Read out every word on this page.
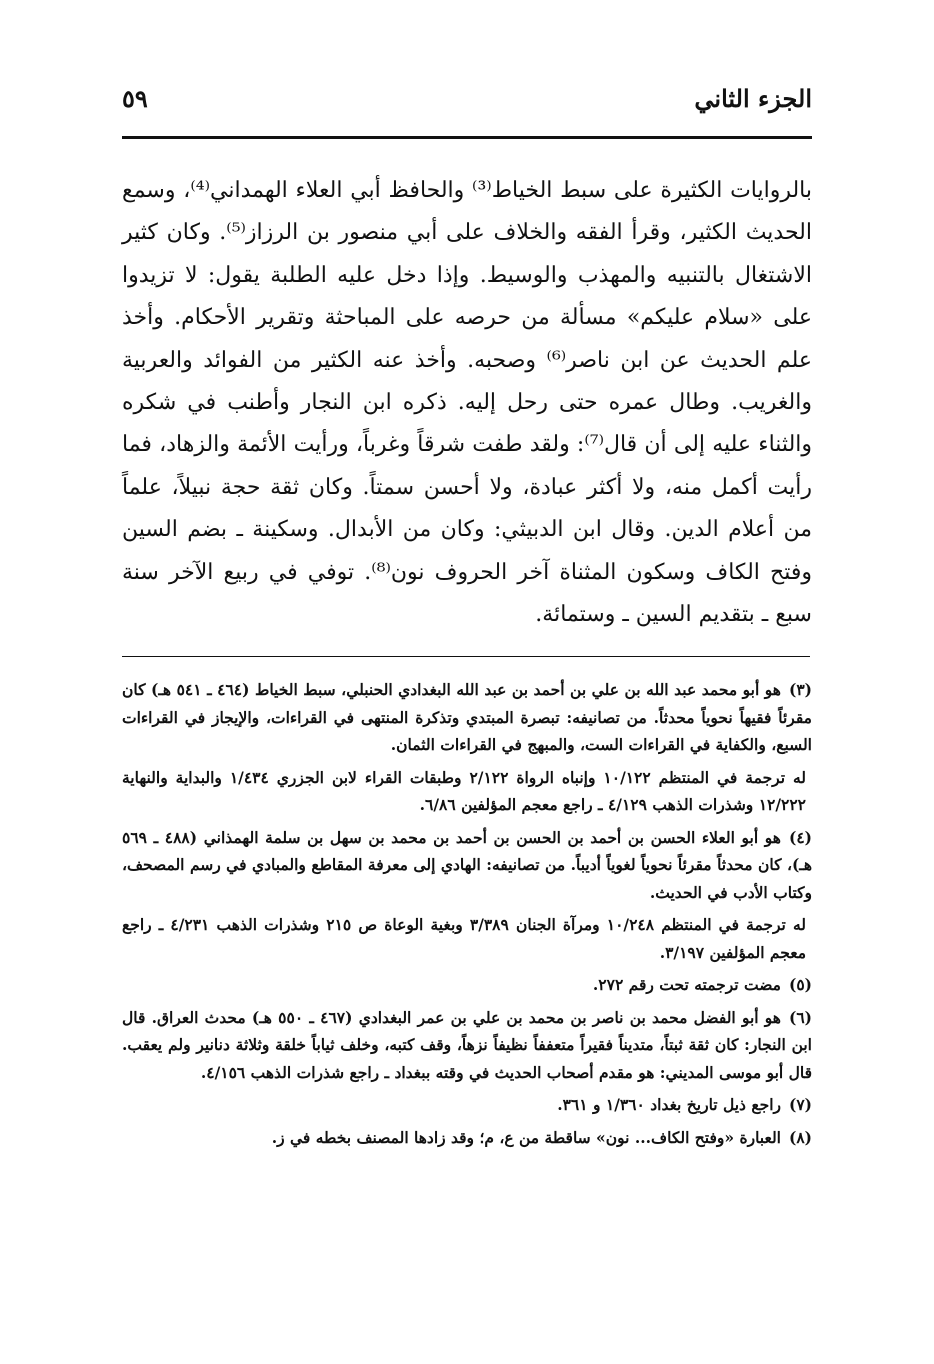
الجزء الثاني
٥٩

بالروايات الكثيرة على سبط الخياط⁽³⁾ والحافظ أبي العلاء الهمداني⁽⁴⁾، وسمع الحديث الكثير، وقرأ الفقه والخلاف على أبي منصور بن الرزاز⁽⁵⁾. وكان كثير الاشتغال بالتنبيه والمهذب والوسيط. وإذا دخل عليه الطلبة يقول: لا تزيدوا على «سلام عليكم» مسألة من حرصه على المباحثة وتقرير الأحكام. وأخذ علم الحديث عن ابن ناصر⁽⁶⁾ وصحبه. وأخذ عنه الكثير من الفوائد والعربية والغريب. وطال عمره حتى رحل إليه. ذكره ابن النجار وأطنب في شكره والثناء عليه إلى أن قال⁽⁷⁾: ولقد طفت شرقاً وغرباً، ورأيت الأئمة والزهاد، فما رأيت أكمل منه، ولا أكثر عبادة، ولا أحسن سمتاً. وكان ثقة حجة نبيلاً، علماً من أعلام الدين. وقال ابن الدبيثي: وكان من الأبدال. وسكينة ـ بضم السين وفتح الكاف وسكون المثناة آخر الحروف نون⁽⁸⁾. توفي في ربيع الآخر سنة سبع ـ بتقديم السين ـ وستمائة.

(٣)هو أبو محمد عبد الله بن علي بن أحمد بن عبد الله البغدادي الحنبلي، سبط الخياط (٤٦٤ ـ ٥٤١ هـ) كان مقرئاً فقيهاً نحوياً محدثاً. من تصانيفه: تبصرة المبتدي وتذكرة المنتهى في القراءات، والإيجاز في القراءات السبع، والكفاية في القراءات الست، والمبهج في القراءات الثمان.

له ترجمة في المنتظم ١٠/١٢٢ وإنباه الرواة ٢/١٢٢ وطبقات القراء لابن الجزري ١/٤٣٤ والبداية والنهاية ١٢/٢٢٢ وشذرات الذهب ٤/١٢٩ ـ راجع معجم المؤلفين ٦/٨٦.

(٤)هو أبو العلاء الحسن بن أحمد بن الحسن بن أحمد بن محمد بن سهل بن سلمة الهمذاني (٤٨٨ ـ ٥٦٩ هـ)، كان محدثاً مقرئاً نحوياً لغوياً أديباً. من تصانيفه: الهادي إلى معرفة المقاطع والمبادي في رسم المصحف، وكتاب الأدب في الحديث.

له ترجمة في المنتظم ١٠/٢٤٨ ومرآة الجنان ٣/٣٨٩ وبغية الوعاة ص ٢١٥ وشذرات الذهب ٤/٢٣١ ـ راجع معجم المؤلفين ٣/١٩٧.

(٥)مضت ترجمته تحت رقم ٢٧٢.

(٦)هو أبو الفضل محمد بن ناصر بن محمد بن علي بن عمر البغدادي (٤٦٧ ـ ٥٥٠ هـ) محدث العراق. قال ابن النجار: كان ثقة ثبتاً، متديناً فقيراً متعففاً نظيفاً نزهاً، وقف كتبه، وخلف ثياباً خلقة وثلاثة دنانير ولم يعقب. قال أبو موسى المديني: هو مقدم أصحاب الحديث في وقته ببغداد ـ راجع شذرات الذهب ٤/١٥٦.

(٧)راجع ذيل تاريخ بغداد ١/٣٦٠ و ٣٦١.

(٨)العبارة «وفتح الكاف... نون» ساقطة من ع، م؛ وقد زادها المصنف بخطه في ز.
